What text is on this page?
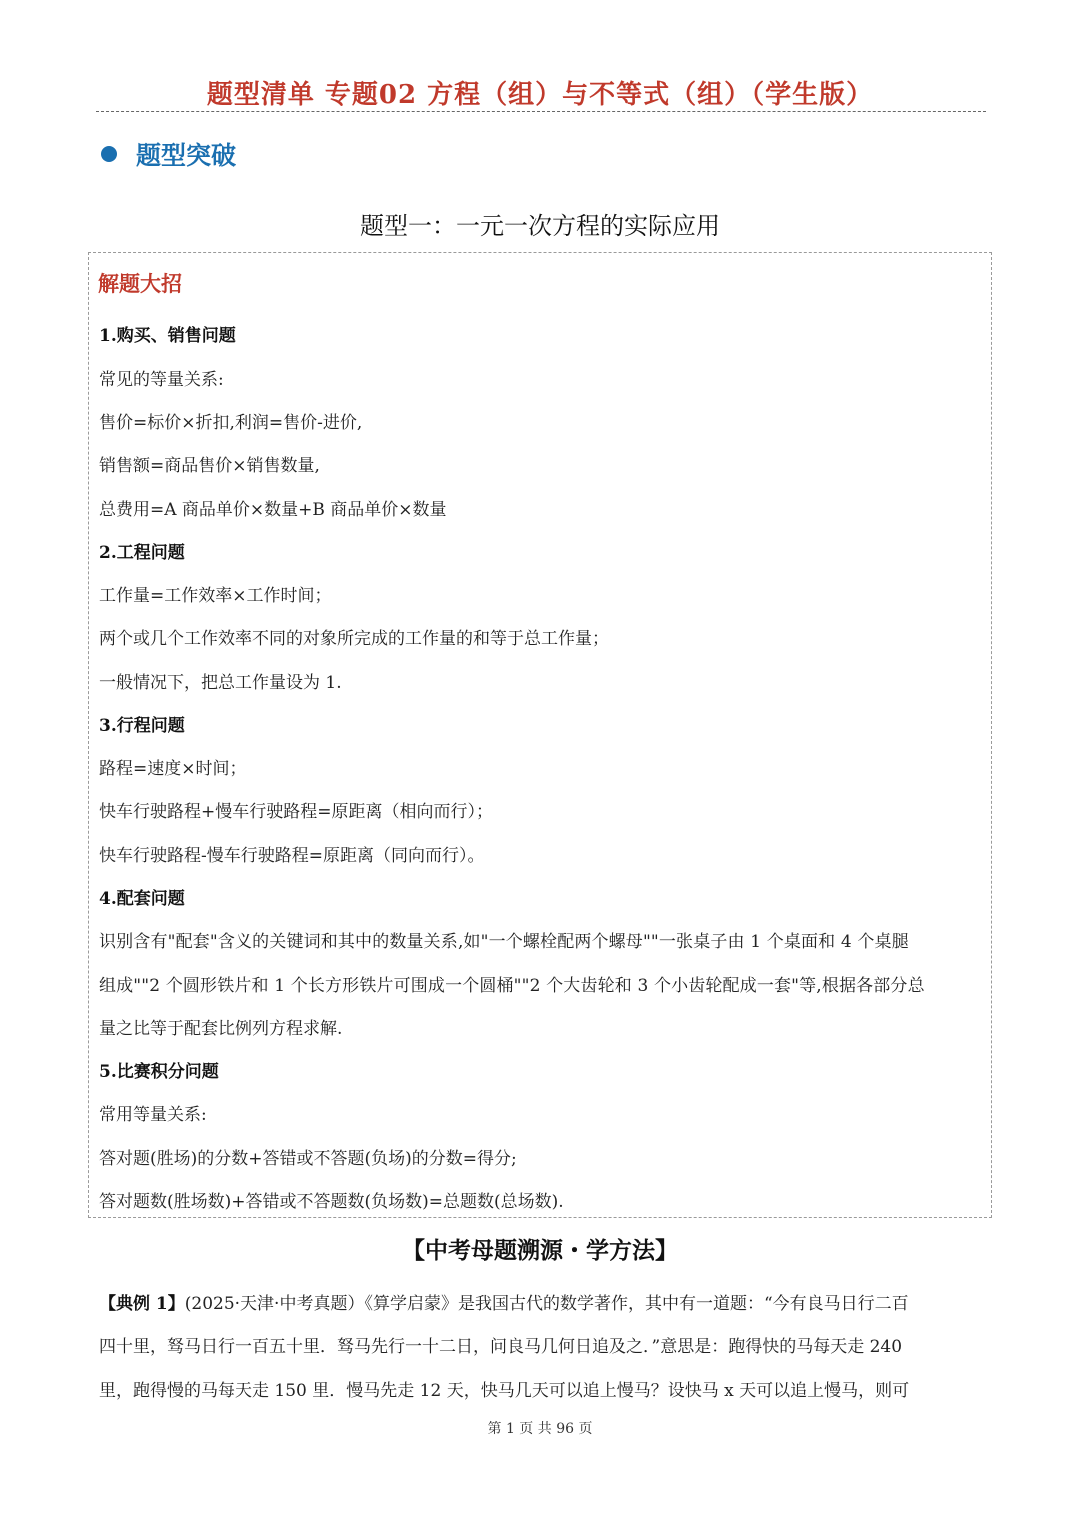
题型清单 专题02 方程（组）与不等式（组）（学生版）
题型突破
题型一：一元一次方程的实际应用
解题大招
1.购买、销售问题
常见的等量关系:
售价=标价×折扣,利润=售价-进价,
销售额=商品售价×销售数量,
总费用=A 商品单价×数量+B 商品单价×数量
2.工程问题
工作量=工作效率×工作时间；
两个或几个工作效率不同的对象所完成的工作量的和等于总工作量；
一般情况下，把总工作量设为 1.
3.行程问题
路程=速度×时间；
快车行驶路程+慢车行驶路程=原距离（相向而行）；
快车行驶路程-慢车行驶路程=原距离（同向而行）。
4.配套问题
识别含有"配套"含义的关键词和其中的数量关系,如"一个螺栓配两个螺母""一张桌子由 1 个桌面和 4 个桌腿
组成""2 个圆形铁片和 1 个长方形铁片可围成一个圆桶""2 个大齿轮和 3 个小齿轮配成一套"等,根据各部分总
量之比等于配套比例列方程求解.
5.比赛积分问题
常用等量关系:
答对题(胜场)的分数+答错或不答题(负场)的分数=得分;
答对题数(胜场数)+答错或不答题数(负场数)=总题数(总场数).
【中考母题溯源・学方法】
【典例 1】(2025·天津·中考真题）《算学启蒙》是我国古代的数学著作，其中有一道题：“今有良马日行二百
四十里，驽马日行一百五十里．驽马先行一十二日，问良马几何日追及之．”意思是：跑得快的马每天走 240
里，跑得慢的马每天走 150 里．慢马先走 12 天，快马几天可以追上慢马？设快马 x 天可以追上慢马，则可
第 1 页 共 96 页
